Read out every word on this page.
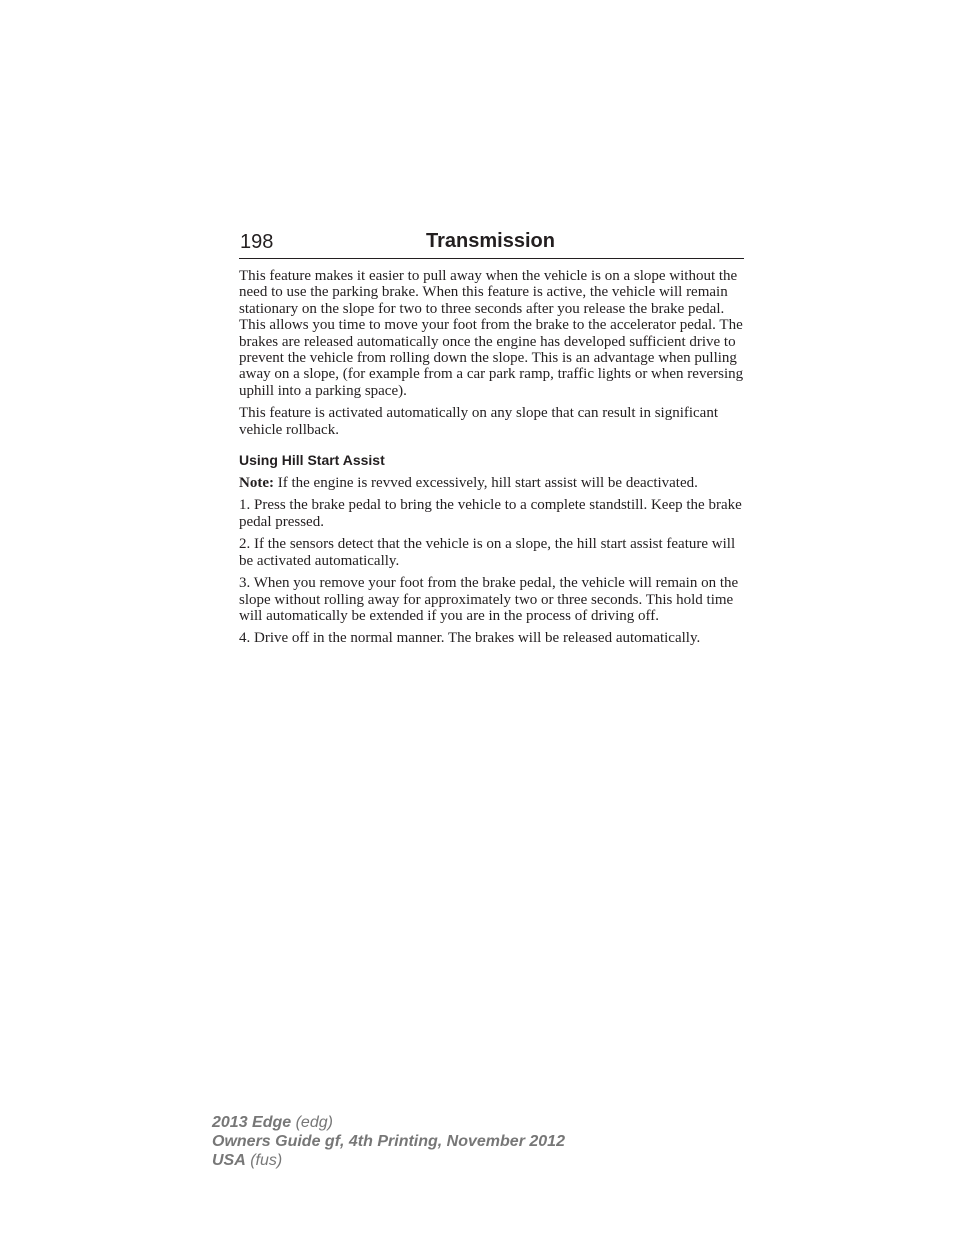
198	Transmission

This feature makes it easier to pull away when the vehicle is on a slope without the need to use the parking brake. When this feature is active, the vehicle will remain stationary on the slope for two to three seconds after you release the brake pedal. This allows you time to move your foot from the brake to the accelerator pedal. The brakes are released automatically once the engine has developed sufficient drive to prevent the vehicle from rolling down the slope. This is an advantage when pulling away on a slope, (for example from a car park ramp, traffic lights or when reversing uphill into a parking space).

This feature is activated automatically on any slope that can result in significant vehicle rollback.

Using Hill Start Assist

Note: If the engine is revved excessively, hill start assist will be deactivated.

1. Press the brake pedal to bring the vehicle to a complete standstill. Keep the brake pedal pressed.

2. If the sensors detect that the vehicle is on a slope, the hill start assist feature will be activated automatically.

3. When you remove your foot from the brake pedal, the vehicle will remain on the slope without rolling away for approximately two or three seconds. This hold time will automatically be extended if you are in the process of driving off.

4. Drive off in the normal manner. The brakes will be released automatically.

2013 Edge (edg)
Owners Guide gf, 4th Printing, November 2012
USA (fus)
